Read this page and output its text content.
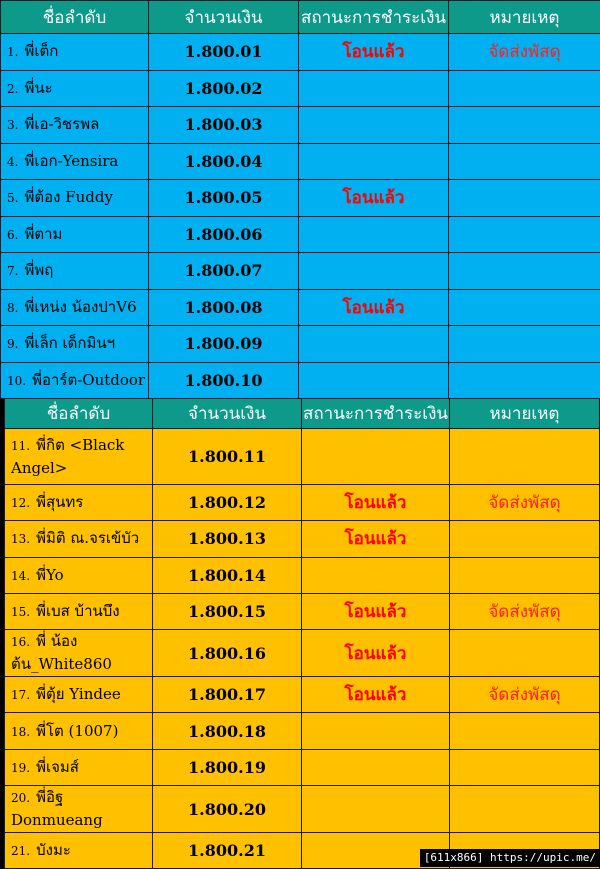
ชื่อลำดับ	จำนวนเงิน	สถานะการชำระเงิน	หมายเหตุ
1. พี่เต็ก	1.800.01	โอนแล้ว	จัดส่งพัสดุ
2. พี่นะ	1.800.02		
3. พี่เอ-วิชรพล	1.800.03		
4. พี่เอก-Yensira	1.800.04		
5. พี่ต้อง Fuddy	1.800.05	โอนแล้ว	
6. พี่ตาม	1.800.06		
7. พี่พฤ	1.800.07		
8. พี่เหน่ง น้องปาV6	1.800.08	โอนแล้ว	
9. พี่เล็ก เด็กมินฯ	1.800.09		
10. พี่อาร์ต-Outdoor	1.800.10		
ชื่อลำดับ	จำนวนเงิน	สถานะการชำระเงิน	หมายเหตุ
11. พี่กิต <Black Angel>	1.800.11		
12. พี่สุนทร	1.800.12	โอนแล้ว	จัดส่งพัสดุ
13. พี่มิติ ณ.จรเข้บัว	1.800.13	โอนแล้ว	
14. พี่Yo	1.800.14		
15. พี่เบส บ้านบึง	1.800.15	โอนแล้ว	จัดส่งพัสดุ
16. พี่ น้องต้น_White860	1.800.16	โอนแล้ว	
17. พี่ตุ้ย Yindee	1.800.17	โอนแล้ว	จัดส่งพัสดุ
18. พี่โต (1007)	1.800.18		
19. พี่เจมส์	1.800.19		
20. พี่อิฐ Donmueang	1.800.20		
21. บังมะ	1.800.21			[611x866] https://upic.me/
